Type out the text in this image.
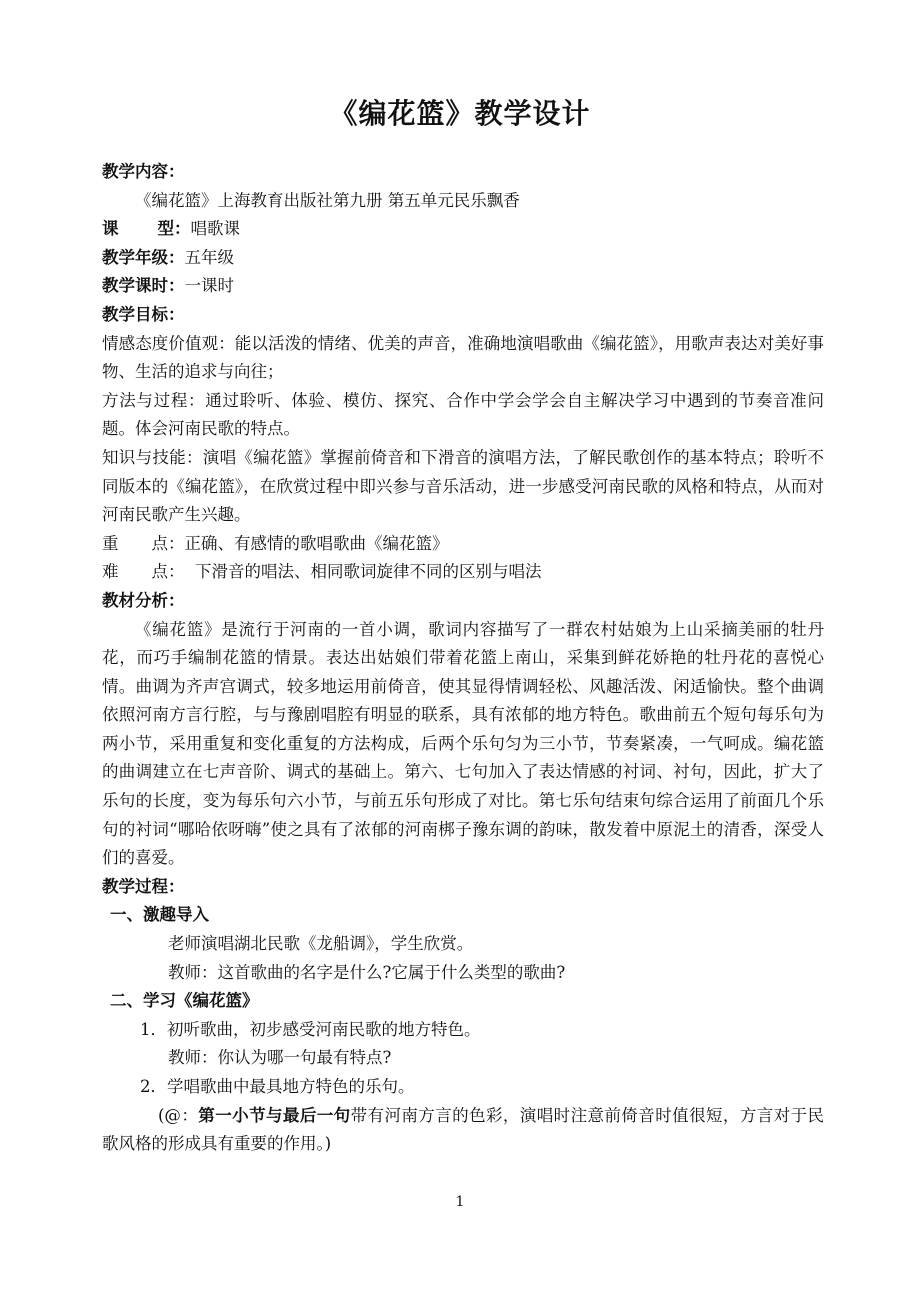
《编花篮》教学设计

教学内容：

《编花篮》上海教育出版社第九册 第五单元民乐飘香

课 型：唱歌课

教学年级：五年级

教学课时：一课时

教学目标：

情感态度价值观：能以活泼的情绪、优美的声音，准确地演唱歌曲《编花篮》，用歌声表达对美好事物、生活的追求与向往；

方法与过程：通过聆听、体验、模仿、探究、合作中学会学会自主解决学习中遇到的节奏音准问题。体会河南民歌的特点。

知识与技能：演唱《编花篮》掌握前倚音和下滑音的演唱方法，了解民歌创作的基本特点；聆听不同版本的《编花篮》，在欣赏过程中即兴参与音乐活动，进一步感受河南民歌的风格和特点，从而对河南民歌产生兴趣。

重 点：正确、有感情的歌唱歌曲《编花篮》

难 点：  下滑音的唱法、相同歌词旋律不同的区别与唱法

教材分析：

《编花篮》是流行于河南的一首小调，歌词内容描写了一群农村姑娘为上山采摘美丽的牡丹花，而巧手编制花篮的情景。表达出姑娘们带着花篮上南山，采集到鲜花娇艳的牡丹花的喜悦心情。曲调为齐声宫调式，较多地运用前倚音，使其显得情调轻松、风趣活泼、闲适愉快。整个曲调依照河南方言行腔，与与豫剧唱腔有明显的联系，具有浓郁的地方特色。歌曲前五个短句每乐句为两小节，采用重复和变化重复的方法构成，后两个乐句匀为三小节，节奏紧凑，一气呵成。编花篮的曲调建立在七声音阶、调式的基础上。第六、七句加入了表达情感的衬词、衬句，因此，扩大了乐句的长度，变为每乐句六小节，与前五乐句形成了对比。第七乐句结束句综合运用了前面几个乐句的衬词“哪哈依呀嗨”使之具有了浓郁的河南梆子豫东调的韵味，散发着中原泥土的清香，深受人们的喜爱。

教学过程：

一、激趣导入

老师演唱湖北民歌《龙船调》，学生欣赏。

教师：这首歌曲的名字是什么?它属于什么类型的歌曲?

二、学习《编花篮》

1．初听歌曲，初步感受河南民歌的地方特色。

教师：你认为哪一句最有特点?

2．学唱歌曲中最具地方特色的乐句。

(@：第一小节与最后一句带有河南方言的色彩，演唱时注意前倚音时值很短，方言对于民歌风格的形成具有重要的作用。)

1
